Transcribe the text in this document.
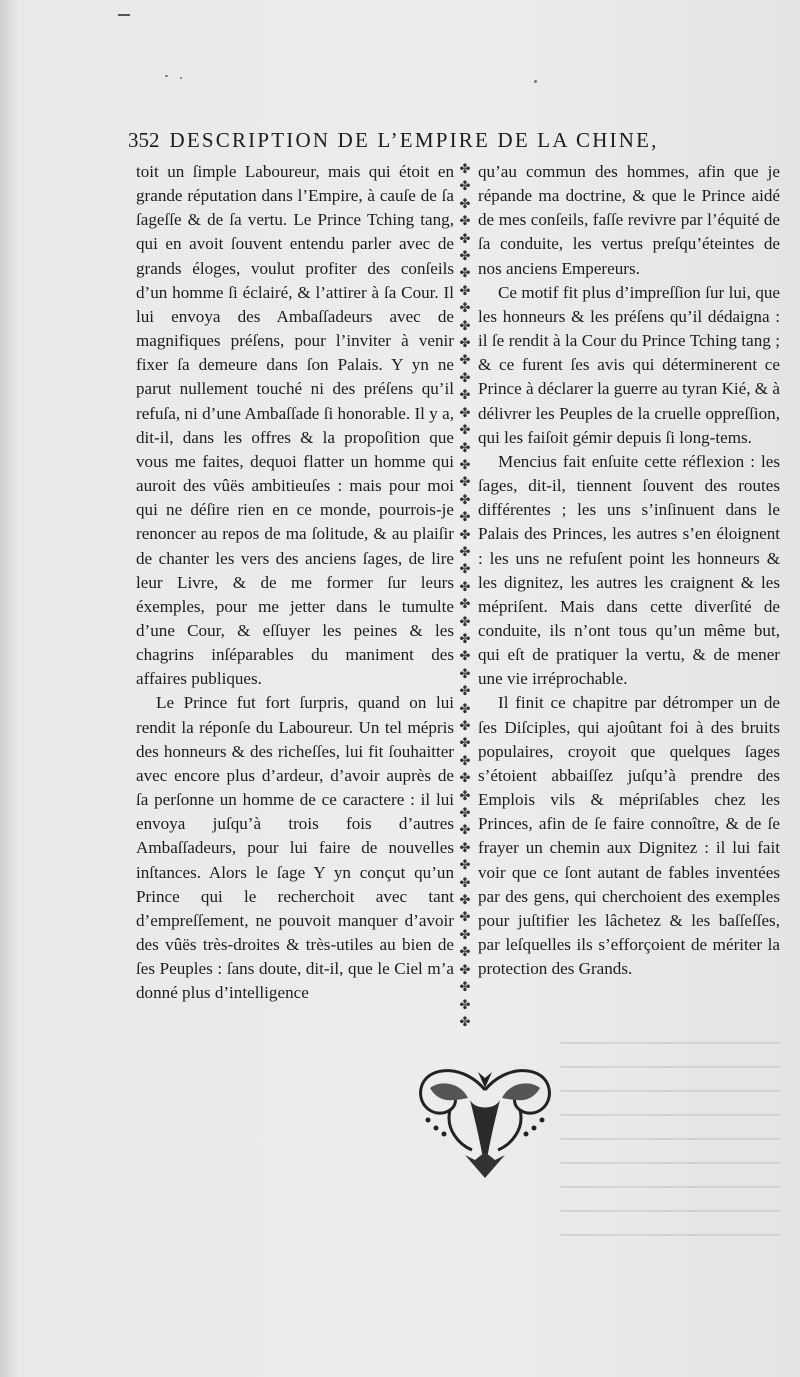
352 DESCRIPTION DE L’EMPIRE DE LA CHINE,

toit un ſimple Laboureur, mais qui étoit en grande réputation dans l’Empire, à cauſe de ſa ſageſſe & de ſa vertu. Le Prince Tching tang, qui en avoit ſouvent entendu parler avec de grands éloges, voulut profiter des conſeils d’un homme ſi éclairé, & l’attirer à ſa Cour. Il lui envoya des Ambaſſadeurs avec de magnifiques préſens, pour l’inviter à venir fixer ſa demeure dans ſon Palais. Y yn ne parut nullement touché ni des préſens qu’il refuſa, ni d’une Ambaſſade ſi honorable. Il y a, dit-il, dans les offres & la propoſition que vous me faites, dequoi flatter un homme qui auroit des vûës ambitieuſes : mais pour moi qui ne déſire rien en ce monde, pourrois-je renoncer au repos de ma ſolitude, & au plaiſir de chanter les vers des anciens ſages, de lire leur Livre, & de me former ſur leurs éxemples, pour me jetter dans le tumulte d’une Cour, & eſſuyer les peines & les chagrins inſéparables du maniment des affaires publiques.

Le Prince fut fort ſurpris, quand on lui rendit la réponſe du Laboureur. Un tel mépris des honneurs & des richeſſes, lui fit ſouhaitter avec encore plus d’ardeur, d’avoir auprès de ſa perſonne un homme de ce caractere : il lui envoya juſqu’à trois fois d’autres Ambaſſadeurs, pour lui faire de nouvelles inſtances. Alors le ſage Y yn conçut qu’un Prince qui le recherchoit avec tant d’empreſſement, ne pouvoit manquer d’avoir des vûës très-droites & très-utiles au bien de ſes Peuples : ſans doute, dit-il, que le Ciel m’a donné plus d’intelligence

✤
✤
✤
✤
✤
✤
✤
✤
✤
✤
✤
✤
✤
✤
✤
✤
✤
✤
✤
✤
✤
✤
✤
✤
✤
✤
✤
✤
✤
✤
✤
✤
✤
✤
✤
✤
✤
✤
✤
✤
✤
✤
✤
✤
✤
✤
✤
✤
✤
✤

qu’au commun des hommes, afin que je répande ma doctrine, & que le Prince aidé de mes conſeils, faſſe revivre par l’équité de ſa conduite, les vertus preſqu’éteintes de nos anciens Empereurs.

Ce motif fit plus d’impreſſion ſur lui, que les honneurs & les préſens qu’il dédaigna : il ſe rendit à la Cour du Prince Tching tang ; & ce furent ſes avis qui déterminerent ce Prince à déclarer la guerre au tyran Kié, & à délivrer les Peuples de la cruelle oppreſſion, qui les faiſoit gémir depuis ſi long-tems.

Mencius fait enſuite cette réflexion : les ſages, dit-il, tiennent ſouvent des routes différentes ; les uns s’inſinuent dans le Palais des Princes, les autres s’en éloignent : les uns ne refuſent point les honneurs & les dignitez, les autres les craignent & les mépriſent. Mais dans cette diverſité de conduite, ils n’ont tous qu’un même but, qui eſt de pratiquer la vertu, & de mener une vie irréprochable.

Il finit ce chapitre par détromper un de ſes Diſciples, qui ajoûtant foi à des bruits populaires, croyoit que quelques ſages s’étoient abbaiſſez juſqu’à prendre des Emplois vils & mépriſables chez les Princes, afin de ſe faire connoître, & de ſe frayer un chemin aux Dignitez : il lui fait voir que ce ſont autant de fables inventées par des gens, qui cherchoient des exemples pour juſtifier les lâchetez & les baſſeſſes, par leſquelles ils s’efforçoient de mériter la protection des Grands.
